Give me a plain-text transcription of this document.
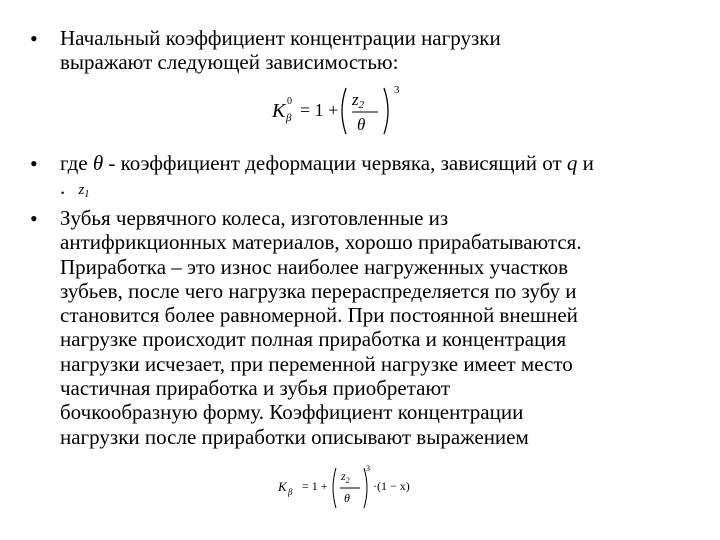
•	Начальный коэффициент концентрации нагрузки
выражают следующей зависимостью:
K β
0 = 1 +
$z_2$
θ
3
•	где θ - коэффициент деформации червяка, зависящий от q и
. $z_1$
•	Зубья червячного колеса, изготовленные из
антифрикционных материалов, хорошо прирабатываются.
Приработка – это износ наиболее нагруженных участков
зубьев, после чего нагрузка перераспределяется по зубу и
становится более равномерной. При постоянной внешней
нагрузке происходит полная приработка и концентрация
нагрузки исчезает, при переменной нагрузке имеет место
частичная приработка и зубья приобретают
бочкообразную форму. Коэффициент концентрации
нагрузки после приработки описывают выражением
K β = 1 +
$z_2$
θ
3
·(1 − x)
